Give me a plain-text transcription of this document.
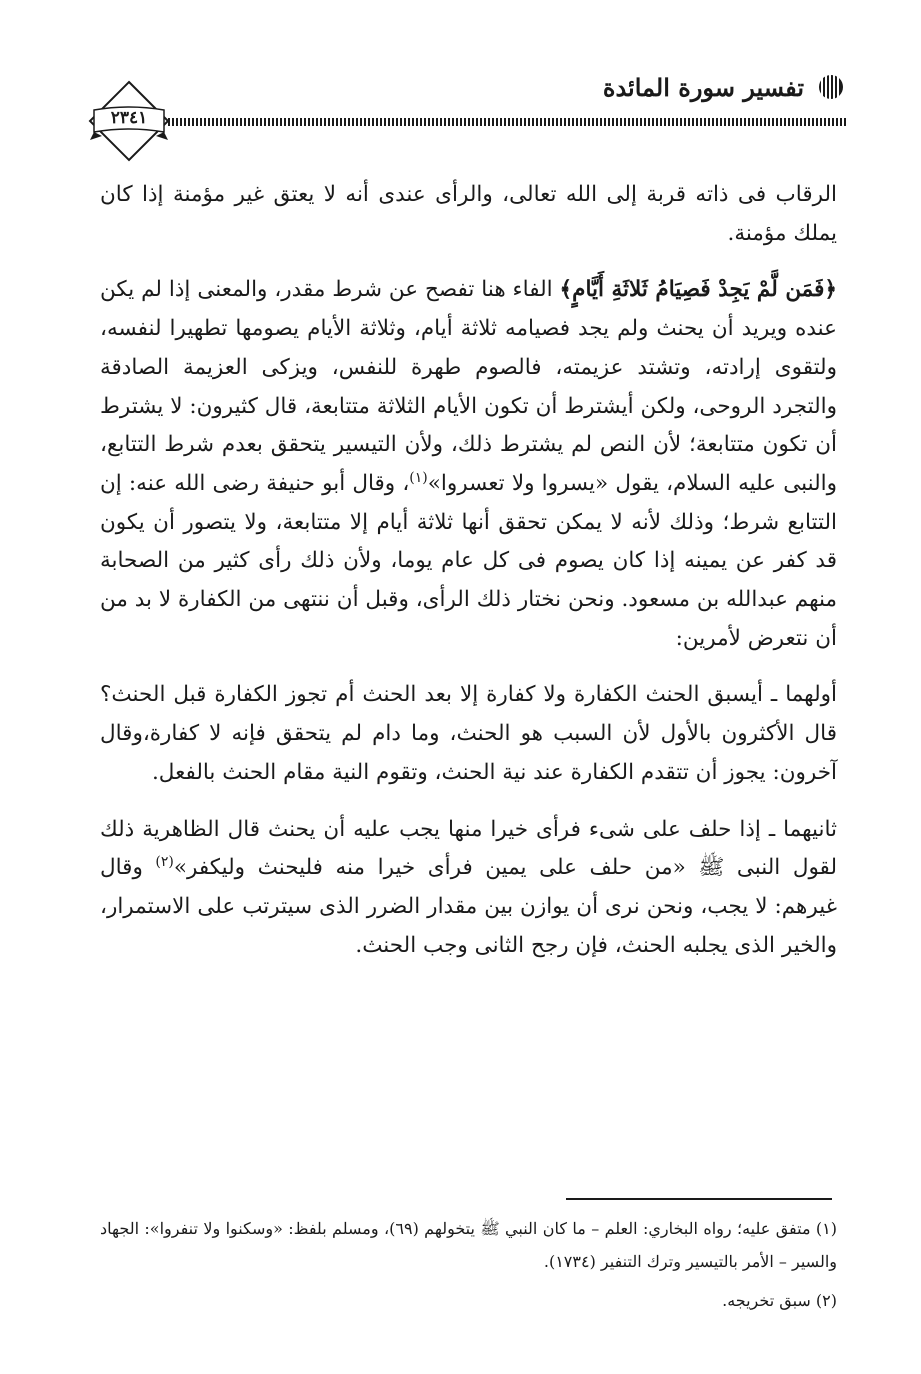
تفسير سورة المائدة
٢٣٤١

الرقاب فى ذاته قربة إلى الله تعالى، والرأى عندى أنه لا يعتق غير مؤمنة إذا كان يملك مؤمنة.

﴿فَمَن لَّمْ يَجِدْ فَصِيَامُ ثَلاثَةِ أَيَّامٍ﴾ الفاء هنا تفصح عن شرط مقدر، والمعنى إذا لم يكن عنده ويريد أن يحنث ولم يجد فصيامه ثلاثة أيام، وثلاثة الأيام يصومها تطهيرا لنفسه، ولتقوى إرادته، وتشتد عزيمته، فالصوم طهرة للنفس، ويزكى العزيمة الصادقة والتجرد الروحى، ولكن أيشترط أن تكون الأيام الثلاثة متتابعة، قال كثيرون: لا يشترط أن تكون متتابعة؛ لأن النص لم يشترط ذلك، ولأن التيسير يتحقق بعدم شرط التتابع، والنبى عليه السلام، يقول «يسروا ولا تعسروا»$^{(١)}$، وقال أبو حنيفة رضى الله عنه: إن التتابع شرط؛ وذلك لأنه لا يمكن تحقق أنها ثلاثة أيام إلا متتابعة، ولا يتصور أن يكون قد كفر عن يمينه إذا كان يصوم فى كل عام يوما، ولأن ذلك رأى كثير من الصحابة منهم عبدالله بن مسعود. ونحن نختار ذلك الرأى، وقبل أن ننتهى من الكفارة لا بد من أن نتعرض لأمرين:

أولهما ـ أيسبق الحنث الكفارة ولا كفارة إلا بعد الحنث أم تجوز الكفارة قبل الحنث؟ قال الأكثرون بالأول لأن السبب هو الحنث، وما دام لم يتحقق فإنه لا كفارة،وقال آخرون: يجوز أن تتقدم الكفارة عند نية الحنث، وتقوم النية مقام الحنث بالفعل.

ثانيهما ـ إذا حلف على شىء فرأى خيرا منها يجب عليه أن يحنث قال الظاهرية ذلك لقول النبى ﷺ «من حلف على يمين فرأى خيرا منه فليحنث وليكفر»$^{(٢)}$ وقال غيرهم: لا يجب، ونحن نرى أن يوازن بين مقدار الضرر الذى سيترتب على الاستمرار، والخير الذى يجلبه الحنث، فإن رجح الثانى وجب الحنث.

(١) متفق عليه؛ رواه البخاري: العلم – ما كان النبي ﷺ يتخولهم (٦٩)، ومسلم بلفظ: «وسكنوا ولا تنفروا»: الجهاد والسير – الأمر بالتيسير وترك التنفير (١٧٣٤).

(٢) سبق تخريجه.
